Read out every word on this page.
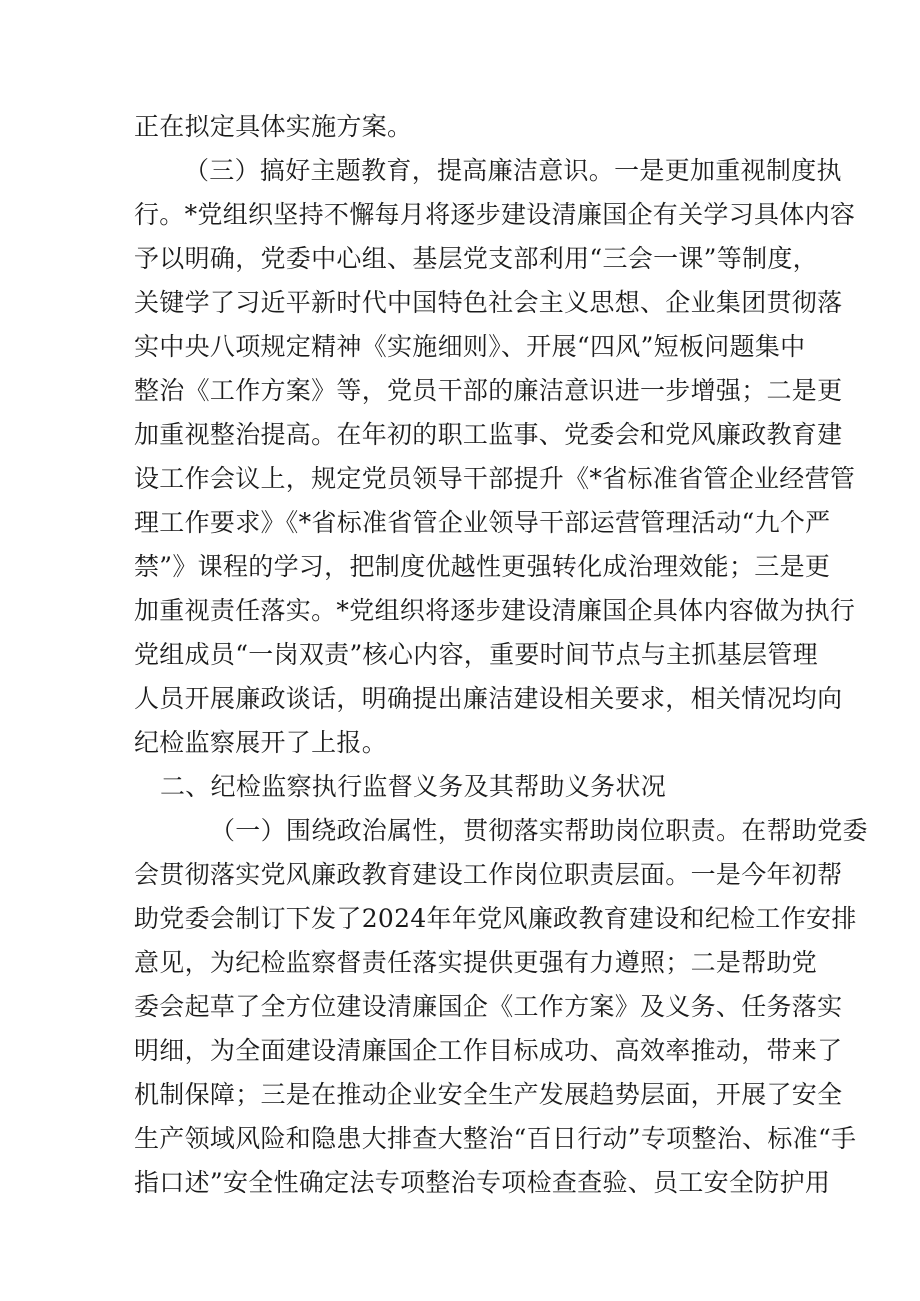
正在拟定具体实施方案。
（三）搞好主题教育，提高廉洁意识。一是更加重视制度执
行。*党组织坚持不懈每月将逐步建设清廉国企有关学习具体内容
予以明确，党委中心组、基层党支部利用“三会一课”等制度，
关键学了习近平新时代中国特色社会主义思想、企业集团贯彻落
实中央八项规定精神《实施细则》、开展“四风”短板问题集中
整治《工作方案》等，党员干部的廉洁意识进一步增强；二是更
加重视整治提高。在年初的职工监事、党委会和党风廉政教育建
设工作会议上，规定党员领导干部提升《*省标准省管企业经营管
理工作要求》《*省标准省管企业领导干部运营管理活动“九个严
禁”》课程的学习，把制度优越性更强转化成治理效能；三是更
加重视责任落实。*党组织将逐步建设清廉国企具体内容做为执行
党组成员“一岗双责”核心内容，重要时间节点与主抓基层管理
人员开展廉政谈话，明确提出廉洁建设相关要求，相关情况均向
纪检监察展开了上报。
二、纪检监察执行监督义务及其帮助义务状况
（一）围绕政治属性，贯彻落实帮助岗位职责。在帮助党委
会贯彻落实党风廉政教育建设工作岗位职责层面。一是今年初帮
助党委会制订下发了2024年年党风廉政教育建设和纪检工作安排
意见，为纪检监察督责任落实提供更强有力遵照；二是帮助党
委会起草了全方位建设清廉国企《工作方案》及义务、任务落实
明细，为全面建设清廉国企工作目标成功、高效率推动，带来了
机制保障；三是在推动企业安全生产发展趋势层面，开展了安全
生产领域风险和隐患大排查大整治“百日行动”专项整治、标准“手
指口述”安全性确定法专项整治专项检查查验、员工安全防护用
